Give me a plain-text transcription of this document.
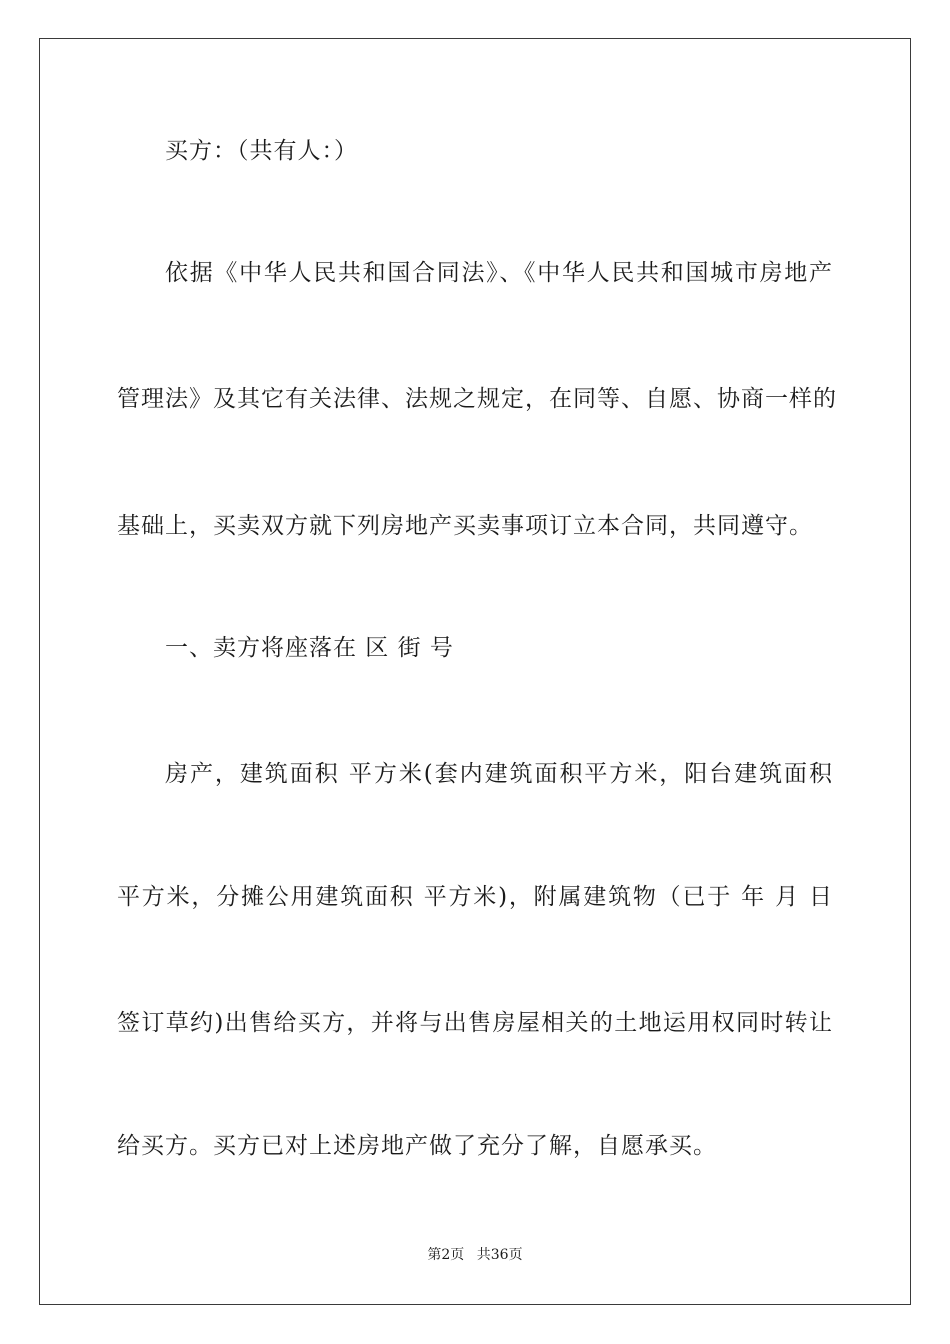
买方：（共有人：）
依据《中华人民共和国合同法》、《中华人民共和国城市房地产
管理法》及其它有关法律、法规之规定，在同等、自愿、协商一样的
基础上，买卖双方就下列房地产买卖事项订立本合同，共同遵守。
一、卖方将座落在 区 街 号
房产，建筑面积 平方米(套内建筑面积平方米，阳台建筑面积
平方米，分摊公用建筑面积 平方米)，附属建筑物（已于 年 月 日
签订草约)出售给买方，并将与出售房屋相关的土地运用权同时转让
给买方。买方已对上述房地产做了充分了解，自愿承买。
第2页 共36页
